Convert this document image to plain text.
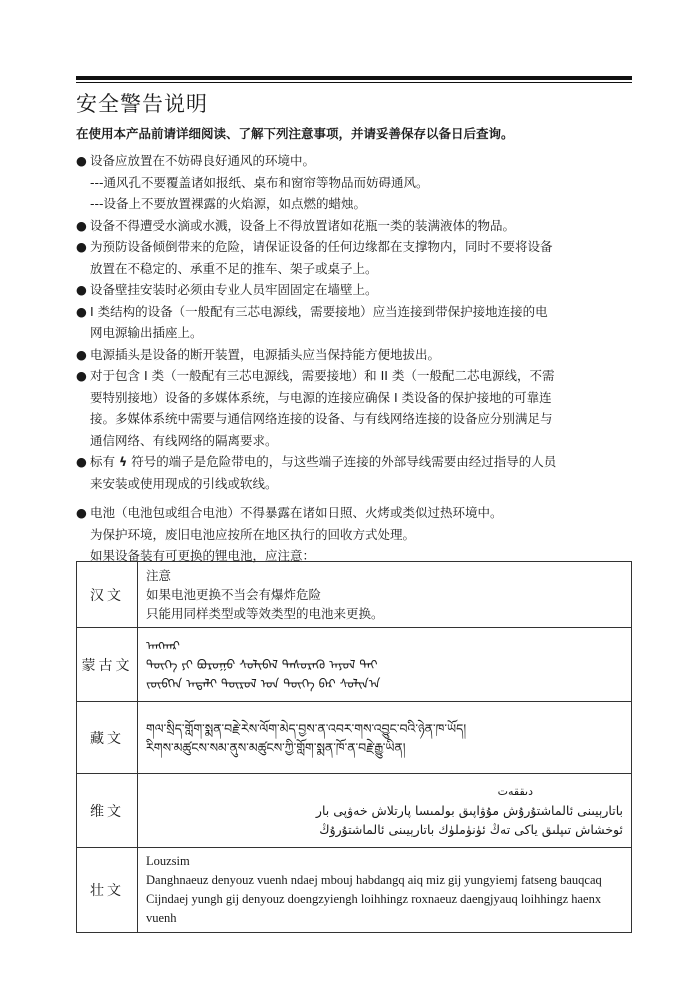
安全警告说明
在使用本产品前请详细阅读、了解下列注意事项，并请妥善保存以备日后查询。
● 设备应放置在不妨碍良好通风的环境中。
---通风孔不要覆盖诸如报纸、桌布和窗帘等物品而妨碍通风。
---设备上不要放置裸露的火焰源，如点燃的蜡烛。
● 设备不得遭受水滴或水溅，设备上不得放置诸如花瓶一类的装满液体的物品。
● 为预防设备倾倒带来的危险，请保证设备的任何边缘都在支撑物内，同时不要将设备
放置在不稳定的、承重不足的推车、架子或桌子上。
● 设备壁挂安装时必须由专业人员牢固固定在墙壁上。
● I 类结构的设备（一般配有三芯电源线，需要接地）应当连接到带保护接地连接的电
网电源输出插座上。
● 电源插头是设备的断开装置，电源插头应当保持能方便地拔出。
● 对于包含 I 类（一般配有三芯电源线，需要接地）和 II 类（一般配二芯电源线，不需
要特别接地）设备的多媒体系统，与电源的连接应确保 I 类设备的保护接地的可靠连
接。多媒体系统中需要与通信网络连接的设备、与有线网络连接的设备应分别满足与
通信网络、有线网络的隔离要求。
● 标有 ϟ 符号的端子是危险带电的，与这些端子连接的外部导线需要由经过指导的人员
来安装或使用现成的引线或软线。
● 电池（电池包或组合电池）不得暴露在诸如日照、火烤或类似过热环境中。
为保护环境，废旧电池应按所在地区执行的回收方式处理。
如果设备装有可更换的锂电池，应注意：
汉文	注意
如果电池更换不当会有爆炸危险
只能用同样类型或等效类型的电池来更换。

蒙古文	ᠠᠩᠬᠠᠷ
ᠲᠦᠭᠡ ᠶᠢ ᠪᠤᠷᠤᠭᠤ ᠰᠣᠯᠢᠪᠠᠯ ᠲᠡᠰᠦᠷᠡᠬᠦ ᠠᠶᠤᠯ ᠲᠠᠢ
ᠵᠥᠪᠬᠡᠨ ᠠᠳᠠᠯᠢ ᠲᠦᠷᠦᠯ ᠤᠨ ᠲᠦᠭᠡ ᠪᠡᠷ ᠰᠣᠯᠢᠨ᠎ᠠ

藏文	གལ་སྲིད་གློག་སྨན་བརྗེ་རེས་ལོག་མེད་བྱས་ན་འབར་གས་འབྱུང་བའི་ཉེན་ཁ་ཡོད།
རིགས་མཚུངས་སམ་ནུས་མཚུངས་ཀྱི་གློག་སྨན་ཁོ་ན་བརྗེ་རྒྱུ་ཡིན།

维文	دىققەت
باتارېيىنى ئالماشتۇرۇش مۇۋاپىق بولمىسا پارتلاش خەۋپى بار
ئوخشاش تىپلىق ياكى تەڭ ئۈنۈملۈك باتارېيىنى ئالماشتۇرۇڭ

壮文	Louzsim
Danghnaeuz denyouz vuenh ndaej mbouj habdangq aiq miz gij yungyiemj fatseng bauqcaq
Cijndaej yungh gij denyouz doengzyiengh loihhingz roxnaeuz daengjyauq loihhingz haenx vuenh
